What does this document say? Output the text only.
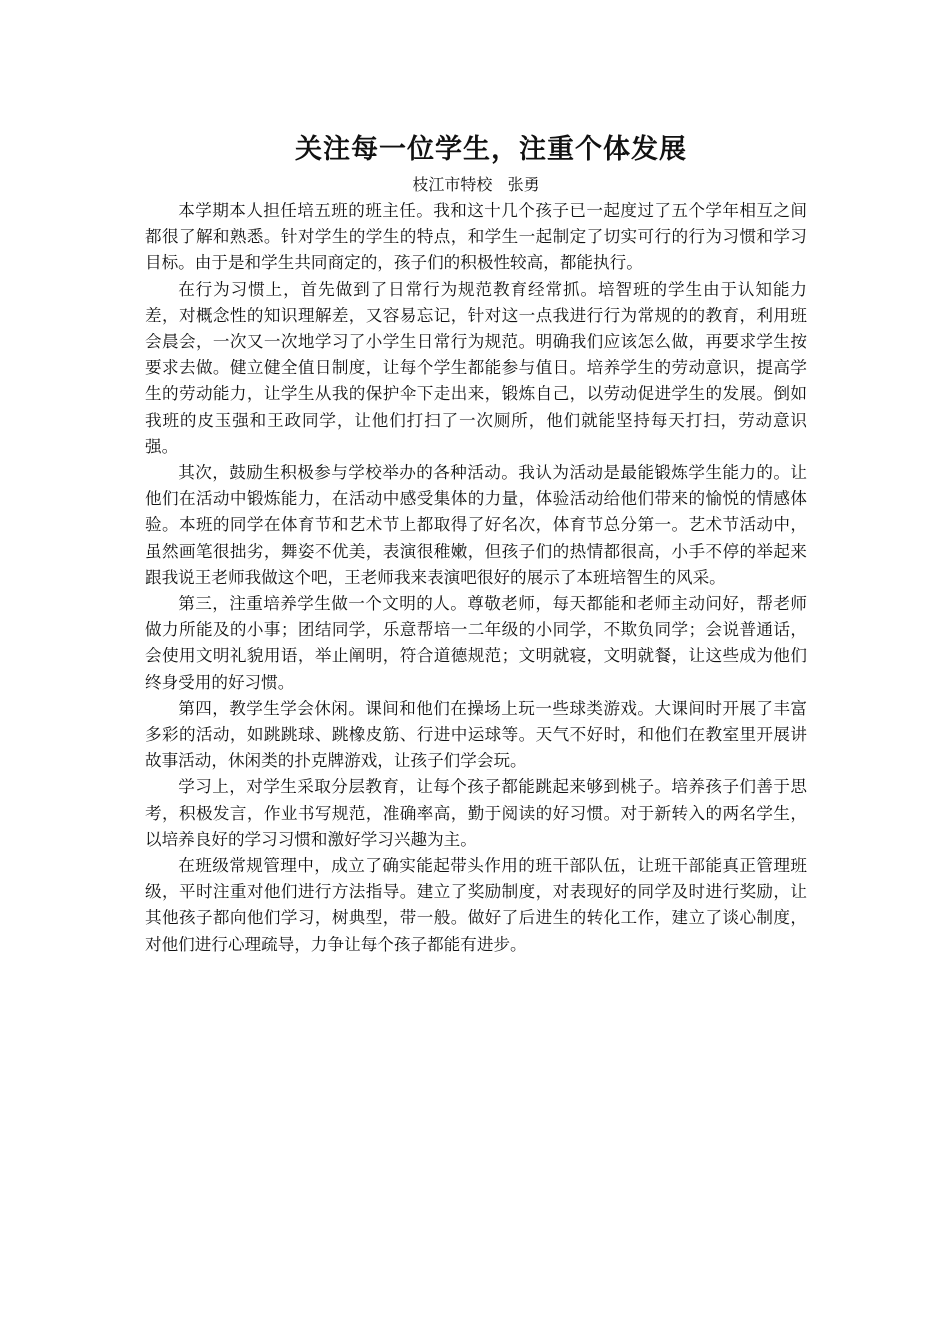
关注每一位学生，注重个体发展
枝江市特校   张勇

本学期本人担任培五班的班主任。我和这十几个孩子已一起度过了五个学年相互之间都很了解和熟悉。针对学生的学生的特点，和学生一起制定了切实可行的行为习惯和学习目标。由于是和学生共同商定的，孩子们的积极性较高，都能执行。

在行为习惯上，首先做到了日常行为规范教育经常抓。培智班的学生由于认知能力差，对概念性的知识理解差，又容易忘记，针对这一点我进行行为常规的的教育，利用班会晨会，一次又一次地学习了小学生日常行为规范。明确我们应该怎么做，再要求学生按要求去做。健立健全值日制度，让每个学生都能参与值日。培养学生的劳动意识，提高学生的劳动能力，让学生从我的保护伞下走出来，锻炼自己，以劳动促进学生的发展。倒如我班的皮玉强和王政同学，让他们打扫了一次厕所，他们就能坚持每天打扫，劳动意识强。

其次，鼓励生积极参与学校举办的各种活动。我认为活动是最能锻炼学生能力的。让他们在活动中锻炼能力，在活动中感受集体的力量，体验活动给他们带来的愉悦的情感体验。本班的同学在体育节和艺术节上都取得了好名次，体育节总分第一。艺术节活动中，虽然画笔很拙劣，舞姿不优美，表演很稚嫩，但孩子们的热情都很高，小手不停的举起来跟我说王老师我做这个吧，王老师我来表演吧很好的展示了本班培智生的风采。

第三，注重培养学生做一个文明的人。尊敬老师，每天都能和老师主动问好，帮老师做力所能及的小事；团结同学，乐意帮培一二年级的小同学，不欺负同学；会说普通话，会使用文明礼貌用语，举止阐明，符合道德规范；文明就寝，文明就餐，让这些成为他们终身受用的好习惯。

第四，教学生学会休闲。课间和他们在操场上玩一些球类游戏。大课间时开展了丰富多彩的活动，如跳跳球、跳橡皮筋、行进中运球等。天气不好时，和他们在教室里开展讲故事活动，休闲类的扑克牌游戏，让孩子们学会玩。

学习上，对学生采取分层教育，让每个孩子都能跳起来够到桃子。培养孩子们善于思考，积极发言，作业书写规范，准确率高，勤于阅读的好习惯。对于新转入的两名学生，以培养良好的学习习惯和激好学习兴趣为主。

在班级常规管理中，成立了确实能起带头作用的班干部队伍，让班干部能真正管理班级，平时注重对他们进行方法指导。建立了奖励制度，对表现好的同学及时进行奖励，让其他孩子都向他们学习，树典型，带一般。做好了后进生的转化工作，建立了谈心制度，对他们进行心理疏导，力争让每个孩子都能有进步。
